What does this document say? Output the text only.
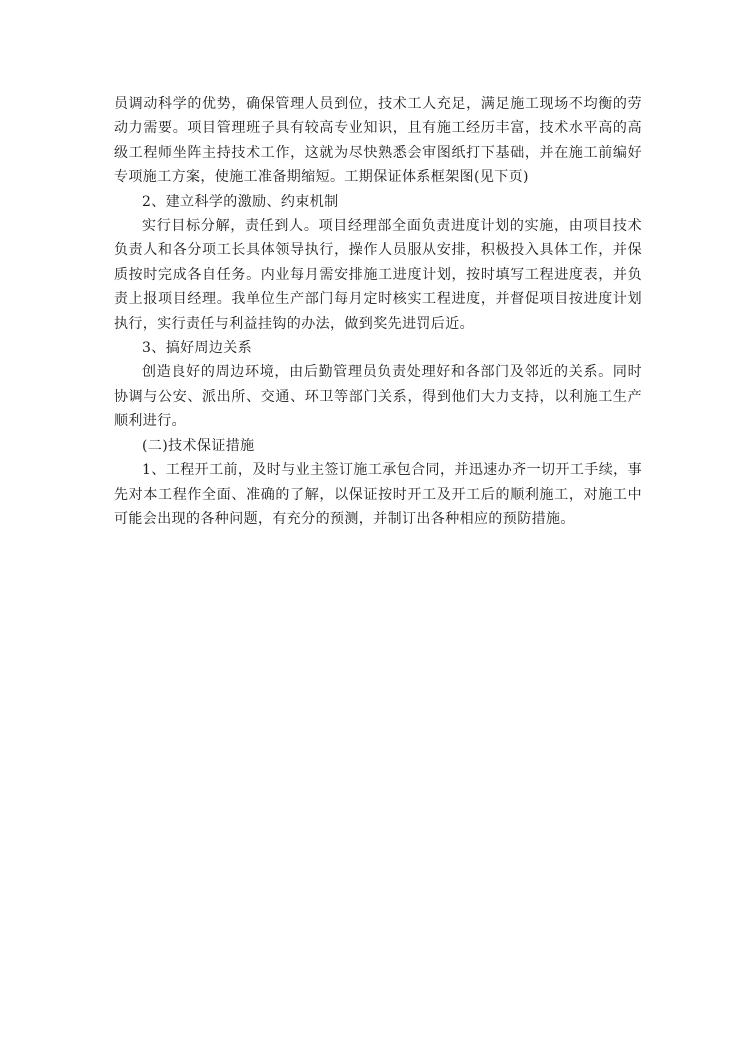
员调动科学的优势，确保管理人员到位，技术工人充足，满足施工现场不均衡的劳动力需要。项目管理班子具有较高专业知识，且有施工经历丰富，技术水平高的高级工程师坐阵主持技术工作，这就为尽快熟悉会审图纸打下基础，并在施工前编好专项施工方案，使施工准备期缩短。工期保证体系框架图(见下页)

2、建立科学的激励、约束机制

实行目标分解，责任到人。项目经理部全面负责进度计划的实施，由项目技术负责人和各分项工长具体领导执行，操作人员服从安排，积极投入具体工作，并保质按时完成各自任务。内业每月需安排施工进度计划，按时填写工程进度表，并负责上报项目经理。我单位生产部门每月定时核实工程进度，并督促项目按进度计划执行，实行责任与利益挂钩的办法，做到奖先进罚后近。

3、搞好周边关系

创造良好的周边环境，由后勤管理员负责处理好和各部门及邻近的关系。同时协调与公安、派出所、交通、环卫等部门关系，得到他们大力支持，以利施工生产顺利进行。

(二)技术保证措施

1、工程开工前，及时与业主签订施工承包合同，并迅速办齐一切开工手续，事先对本工程作全面、准确的了解，以保证按时开工及开工后的顺利施工，对施工中可能会出现的各种问题，有充分的预测，并制订出各种相应的预防措施。
